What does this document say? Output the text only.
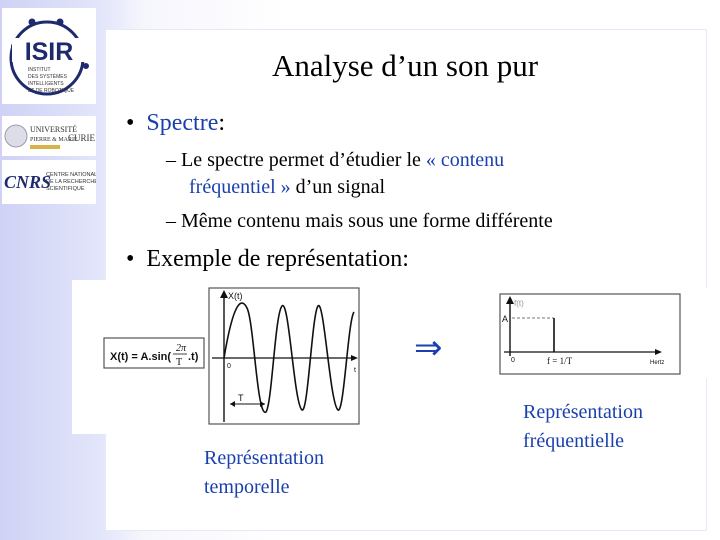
ISIR
INSTITUT
DES SYSTÈMES
INTELLIGENTS
ET DE ROBOTIQUE
UNIVERSITÉ
PIERRE & MARIE
CURIE
CNRS
CENTRE NATIONAL
DE LA RECHERCHE
SCIENTIFIQUE
Analyse d’un son pur
• Spectre:
– Le spectre permet d’étudier le « contenu
fréquentiel » d’un signal
– Même contenu mais sous une forme différente
• Exemple de représentation:
X(t) = A.sin(
2π
T .t)
X(t)
0
t
T
⇒
f(t)
A
0	f = 1/T	Hertz
Représentation
temporelle
Représentation
fréquentielle
